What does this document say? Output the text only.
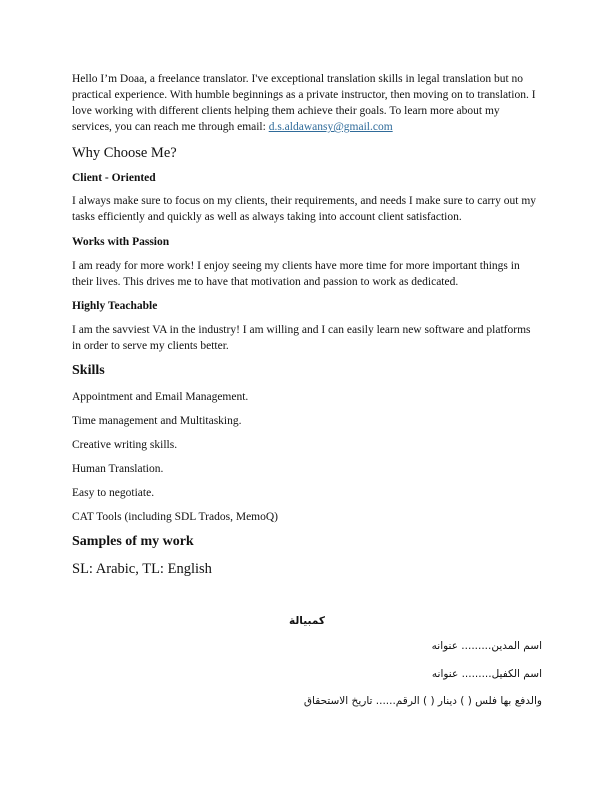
Hello I’m Doaa, a freelance translator. I've exceptional translation skills in legal translation but no practical experience. With humble beginnings as a private instructor, then moving on to translation. I love working with different clients helping them achieve their goals. To learn more about my services, you can reach me through email: d.s.aldawansy@gmail.com

Why Choose Me?

Client - Oriented

I always make sure to focus on my clients, their requirements, and needs I make sure to carry out my tasks efficiently and quickly as well as always taking into account client satisfaction.

Works with Passion

I am ready for more work! I enjoy seeing my clients have more time for more important things in their lives. This drives me to have that motivation and passion to work as dedicated.

Highly Teachable

I am the savviest VA in the industry! I am willing and I can easily learn new software and platforms in order to serve my clients better.

Skills

Appointment and Email Management.

Time management and Multitasking.

Creative writing skills.

Human Translation.

Easy to negotiate.

CAT Tools (including SDL Trados, MemoQ)

Samples of my work

SL: Arabic, TL: English

كمبيالة

اسم المدين......... عنوانه

اسم الكفيل......... عنوانه

والدفع بها فلس ( ) دينار ( ) الرقم...... تاريخ الاستحقاق
